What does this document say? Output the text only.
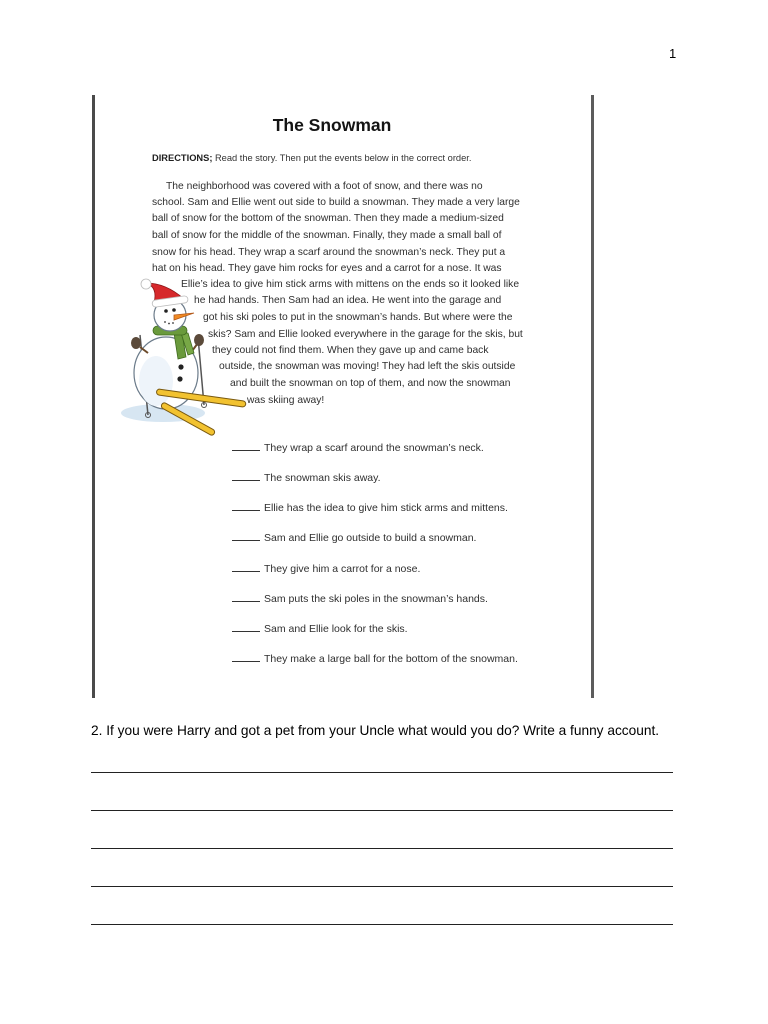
1
The Snowman
DIRECTIONS; Read the story. Then put the events below in the correct order.
The neighborhood was covered with a foot of snow, and there was no
school. Sam and Ellie went out side to build a snowman. They made a very large
ball of snow for the bottom of the snowman. Then they made a medium-sized
ball of snow for the middle of the snowman. Finally, they made a small ball of
snow for his head. They wrap a scarf around the snowman’s neck. They put a
hat on his head. They gave him rocks for eyes and a carrot for a nose. It was
Ellie’s idea to give him stick arms with mittens on the ends so it looked like
he had hands. Then Sam had an idea. He went into the garage and
got his ski poles to put in the snowman’s hands. But where were the
skis? Sam and Ellie looked everywhere in the garage for the skis, but
they could not find them. When they gave up and came back
outside, the snowman was moving! They had left the skis outside
and built the snowman on top of them, and now the snowman
was skiing away!
They wrap a scarf around the snowman’s neck.
The snowman skis away.
Ellie has the idea to give him stick arms and mittens.
Sam and Ellie go outside to build a snowman.
They give him a carrot for a nose.
Sam puts the ski poles in the snowman’s hands.
Sam and Ellie look for the skis.
They make a large ball for the bottom of the snowman.
2. If you were Harry and got a pet from your Uncle what would you do? Write a funny account.
